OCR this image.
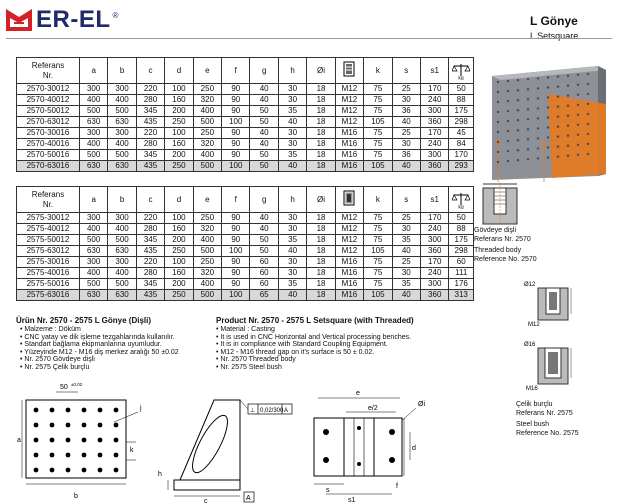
ER-EL ®	L Gönye
L Setsquare
Referans
Nr.	a	b	c	d	e	f	g	h	Øi		k	s	s1	kg

2570-30012	300	300	220	100	250	90	40	30	18	M12	75	25	170	50
2570-40012	400	400	280	160	320	90	40	30	18	M12	75	30	240	88
2570-50012	500	500	345	200	400	90	50	35	18	M12	75	36	300	175
2570-63012	630	630	435	250	500	100	50	40	18	M12	105	40	360	298
2570-30016	300	300	220	100	250	90	40	30	18	M16	75	25	170	45
2570-40016	400	400	280	160	320	90	40	30	18	M16	75	30	240	84
2570-50016	500	500	345	200	400	90	50	35	18	M16	75	36	300	170
2570-63016	630	630	435	250	500	100	50	40	18	M16	105	40	360	293
Referans
Nr.	a	b	c	d	e	f	g	h	Øi		k	s	s1	kg

2575-30012	300	300	220	100	250	90	40	30	18	M12	75	25	170	50
2575-40012	400	400	280	160	320	90	40	30	18	M12	75	30	240	88
2575-50012	500	500	345	200	400	90	50	35	18	M12	75	35	300	175
2575-63012	630	630	435	250	500	100	50	40	18	M12	105	40	360	298
2575-30016	300	300	220	100	250	90	60	30	18	M16	75	25	170	60
2575-40016	400	400	280	160	320	90	60	30	18	M16	75	30	240	111
2575-50016	500	500	345	200	400	90	60	35	18	M16	75	35	300	176
2575-63016	630	630	435	250	500	100	65	40	18	M16	105	40	360	313
Gövdeye dişli
Referans Nr. 2570
Threaded body
Reference No. 2570
Ø12
M12
Ø16
M16
Çelik burçlu
Referans Nr. 2575
Steel bush
Reference No. 2575
Ürün Nr. 2570 - 2575 L Gönye (Dişli)
• Malzeme : Döküm
• CNC yatay ve dik işleme tezgahlarında kullanılır.
• Standart bağlama ekipmanlarına uyumludur.
• Yüzeyinde M12 - M16 diş merkez aralığı 50 ±0.02
• Nr. 2570 Gövdeye dişli
• Nr. 2575 Çelik burçlu
Product Nr. 2570 - 2575 L Setsquare (with Threaded)
• Material : Casting
• It is used in CNC Horizontal and Vertical processing benches.
• It is in compliance with Standard Coupling Equipment.
• M12 - M16 thread gap on it's surface is 50 ± 0.02.
• Nr. 2570 Threaded body
• Nr. 2575 Steel bush
50 ±0.02
a
j
k
b
⊥ 0,02/300 A
h
c	A
e
e/2
Øi
d
f
s
s1
